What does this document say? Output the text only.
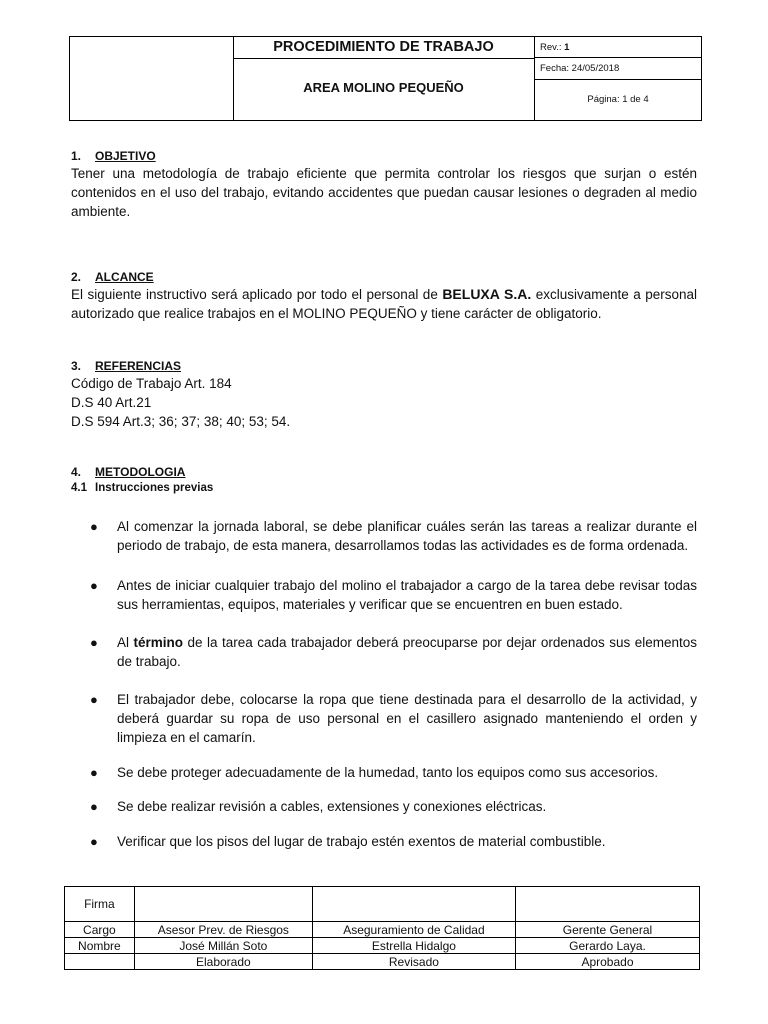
PROCEDIMIENTO DE TRABAJO
AREA MOLINO PEQUEÑO
Rev.: 1
Fecha: 24/05/2018
Página: 1 de 4

1. OBJETIVO

Tener una metodología de trabajo eficiente que permita controlar los riesgos que surjan o estén contenidos en el uso del trabajo, evitando accidentes que puedan causar lesiones o degraden al medio ambiente.

2. ALCANCE

El siguiente instructivo será aplicado por todo el personal de BELUXA S.A. exclusivamente a personal autorizado que realice trabajos en el MOLINO PEQUEÑO y tiene carácter de obligatorio.

3. REFERENCIAS

Código de Trabajo Art. 184

D.S 40 Art.21

D.S 594 Art.3; 36; 37; 38; 40; 53; 54.

4. METODOLOGIA

4.1 Instrucciones previas

● Al comenzar la jornada laboral, se debe planificar cuáles serán las tareas a realizar durante el periodo de trabajo, de esta manera, desarrollamos todas las actividades es de forma ordenada.
● Antes de iniciar cualquier trabajo del molino el trabajador a cargo de la tarea debe revisar todas sus herramientas, equipos, materiales y verificar que se encuentren en buen estado.
● Al término de la tarea cada trabajador deberá preocuparse por dejar ordenados sus elementos de trabajo.
● El trabajador debe, colocarse la ropa que tiene destinada para el desarrollo de la actividad, y deberá guardar su ropa de uso personal en el casillero asignado manteniendo el orden y limpieza en el camarín.
● Se debe proteger adecuadamente de la humedad, tanto los equipos como sus accesorios.
● Se debe realizar revisión a cables, extensiones y conexiones eléctricas.
● Verificar que los pisos del lugar de trabajo estén exentos de material combustible.
Firma			
Cargo	Asesor Prev. de Riesgos	Aseguramiento de Calidad	Gerente General
Nombre	José Millán Soto	Estrella Hidalgo	Gerardo Laya.
	Elaborado	Revisado	Aprobado
